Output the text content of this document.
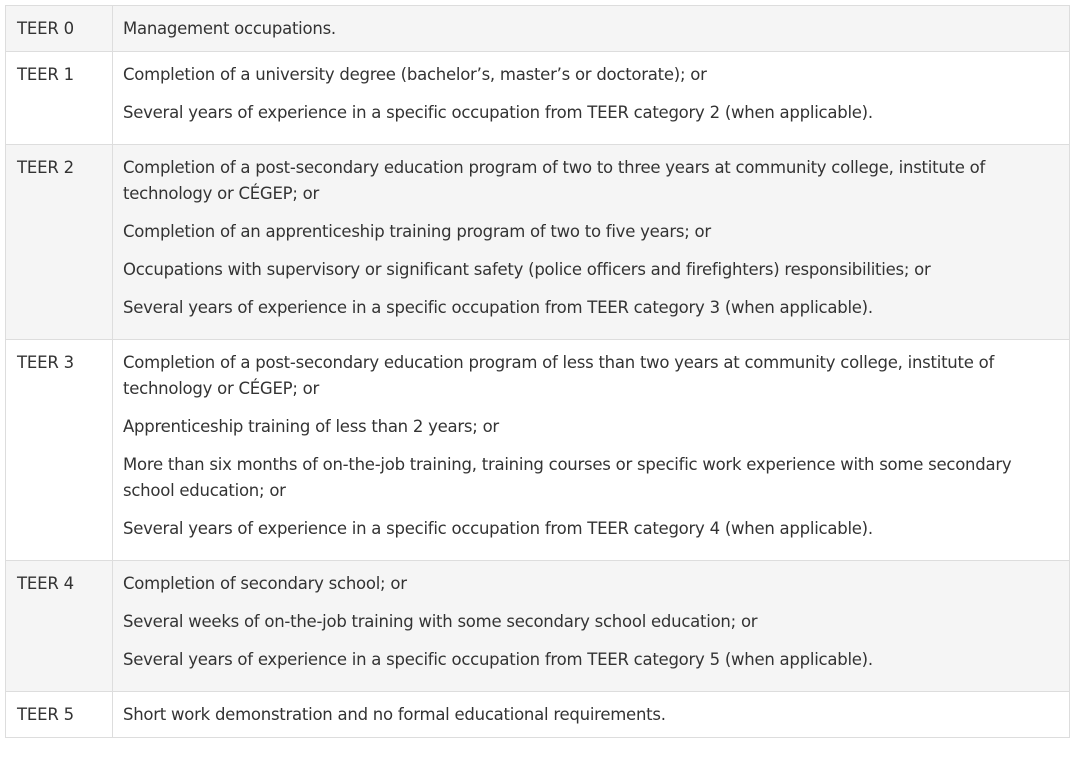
TEER 0	Management occupations.

TEER 1	Completion of a university degree (bachelor’s, master’s or doctorate); or
Several years of experience in a specific occupation from TEER category 2 (when applicable).

TEER 2	Completion of a post-secondary education program of two to three years at community college, institute of technology or CÉGEP; or
Completion of an apprenticeship training program of two to five years; or
Occupations with supervisory or significant safety (police officers and firefighters) responsibilities; or
Several years of experience in a specific occupation from TEER category 3 (when applicable).

TEER 3	Completion of a post-secondary education program of less than two years at community college, institute of technology or CÉGEP; or
Apprenticeship training of less than 2 years; or
More than six months of on-the-job training, training courses or specific work experience with some secondary school education; or
Several years of experience in a specific occupation from TEER category 4 (when applicable).

TEER 4	Completion of secondary school; or
Several weeks of on-the-job training with some secondary school education; or
Several years of experience in a specific occupation from TEER category 5 (when applicable).

TEER 5	Short work demonstration and no formal educational requirements.
